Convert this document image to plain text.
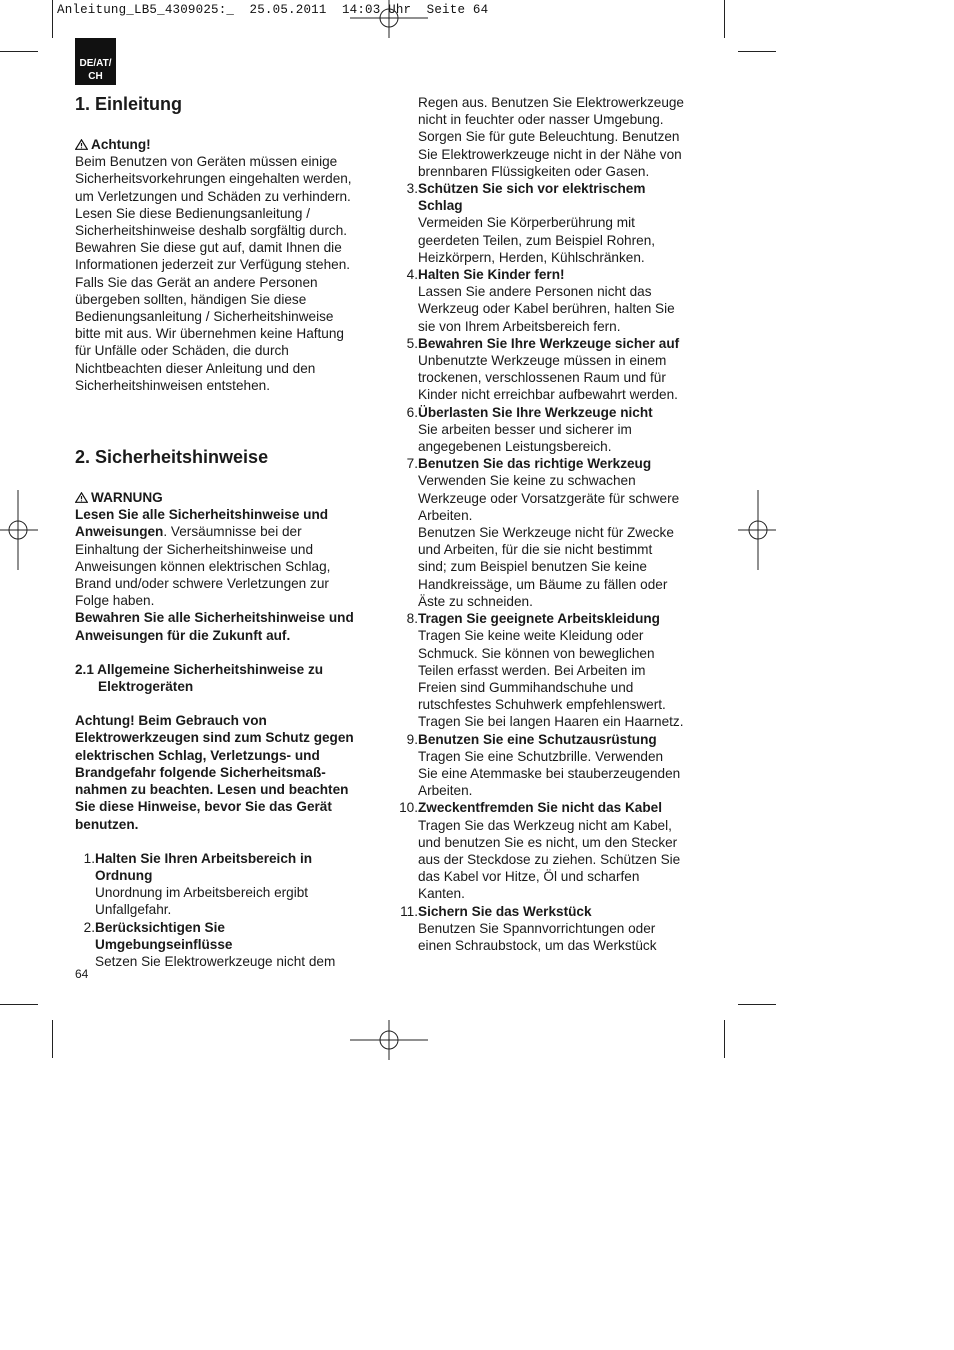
Anleitung_LB5_4309025:_  25.05.2011  14:03 Uhr  Seite 64
DE/AT/
CH
1. Einleitung

Achtung!

Beim Benutzen von Geräten müssen einige
Sicherheitsvorkehrungen eingehalten werden,
um Verletzungen und Schäden zu verhindern.
Lesen Sie diese Bedienungsanleitung /
Sicherheitshinweise deshalb sorgfältig durch.
Bewahren Sie diese gut auf, damit Ihnen die
Informationen jederzeit zur Verfügung stehen.
Falls Sie das Gerät an andere Personen
übergeben sollten, händigen Sie diese
Bedienungsanleitung / Sicherheitshinweise
bitte mit aus. Wir übernehmen keine Haftung
für Unfälle oder Schäden, die durch
Nichtbeachten dieser Anleitung und den
Sicherheitshinweisen entstehen.
2. Sicherheitshinweise

WARNUNG

Lesen Sie alle Sicherheitshinweise und

Anweisungen. Versäumnisse bei der

Einhaltung der Sicherheitshinweise und
Anweisungen können elektrischen Schlag,
Brand und/oder schwere Verletzungen zur
Folge haben.
Bewahren Sie alle Sicherheitshinweise und
Anweisungen für die Zukunft auf.
2.1 Allgemeine Sicherheitshinweise zu
Elektrogeräten
Achtung! Beim Gebrauch von
Elektrowerkzeugen sind zum Schutz gegen
elektrischen Schlag, Verletzungs- und
Brandgefahr folgende Sicherheitsmaß-
nahmen zu beachten. Lesen und beachten
Sie diese Hinweise, bevor Sie das Gerät
benutzen.
1. Halten Sie Ihren Arbeitsbereich in
Ordnung
Unordnung im Arbeitsbereich ergibt
Unfallgefahr.
2. Berücksichtigen Sie
Umgebungseinflüsse
Setzen Sie Elektrowerkzeuge nicht dem
Regen aus. Benutzen Sie Elektrowerkzeuge
nicht in feuchter oder nasser Umgebung.
Sorgen Sie für gute Beleuchtung. Benutzen
Sie Elektrowerkzeuge nicht in der Nähe von
brennbaren Flüssigkeiten oder Gasen.
3. Schützen Sie sich vor elektrischem
Schlag
Vermeiden Sie Körperberührung mit
geerdeten Teilen, zum Beispiel Rohren,
Heizkörpern, Herden, Kühlschränken.
4. Halten Sie Kinder fern!
Lassen Sie andere Personen nicht das
Werkzeug oder Kabel berühren, halten Sie
sie von Ihrem Arbeitsbereich fern.
5. Bewahren Sie Ihre Werkzeuge sicher auf
Unbenutzte Werkzeuge müssen in einem
trockenen, verschlossenen Raum und für
Kinder nicht erreichbar aufbewahrt werden.
6. Überlasten Sie Ihre Werkzeuge nicht
Sie arbeiten besser und sicherer im
angegebenen Leistungsbereich.
7. Benutzen Sie das richtige Werkzeug
Verwenden Sie keine zu schwachen
Werkzeuge oder Vorsatzgeräte für schwere
Arbeiten.
Benutzen Sie Werkzeuge nicht für Zwecke
und Arbeiten, für die sie nicht bestimmt
sind; zum Beispiel benutzen Sie keine
Handkreissäge, um Bäume zu fällen oder
Äste zu schneiden.
8. Tragen Sie geeignete Arbeitskleidung
Tragen Sie keine weite Kleidung oder
Schmuck. Sie können von beweglichen
Teilen erfasst werden. Bei Arbeiten im
Freien sind Gummihandschuhe und
rutschfestes Schuhwerk empfehlenswert.
Tragen Sie bei langen Haaren ein Haarnetz.
9. Benutzen Sie eine Schutzausrüstung
Tragen Sie eine Schutzbrille. Verwenden
Sie eine Atemmaske bei stauberzeugenden
Arbeiten.
10. Zweckentfremden Sie nicht das Kabel
Tragen Sie das Werkzeug nicht am Kabel,
und benutzen Sie es nicht, um den Stecker
aus der Steckdose zu ziehen. Schützen Sie
das Kabel vor Hitze, Öl und scharfen
Kanten.
11. Sichern Sie das Werkstück
Benutzen Sie Spannvorrichtungen oder
einen Schraubstock, um das Werkstück
64
